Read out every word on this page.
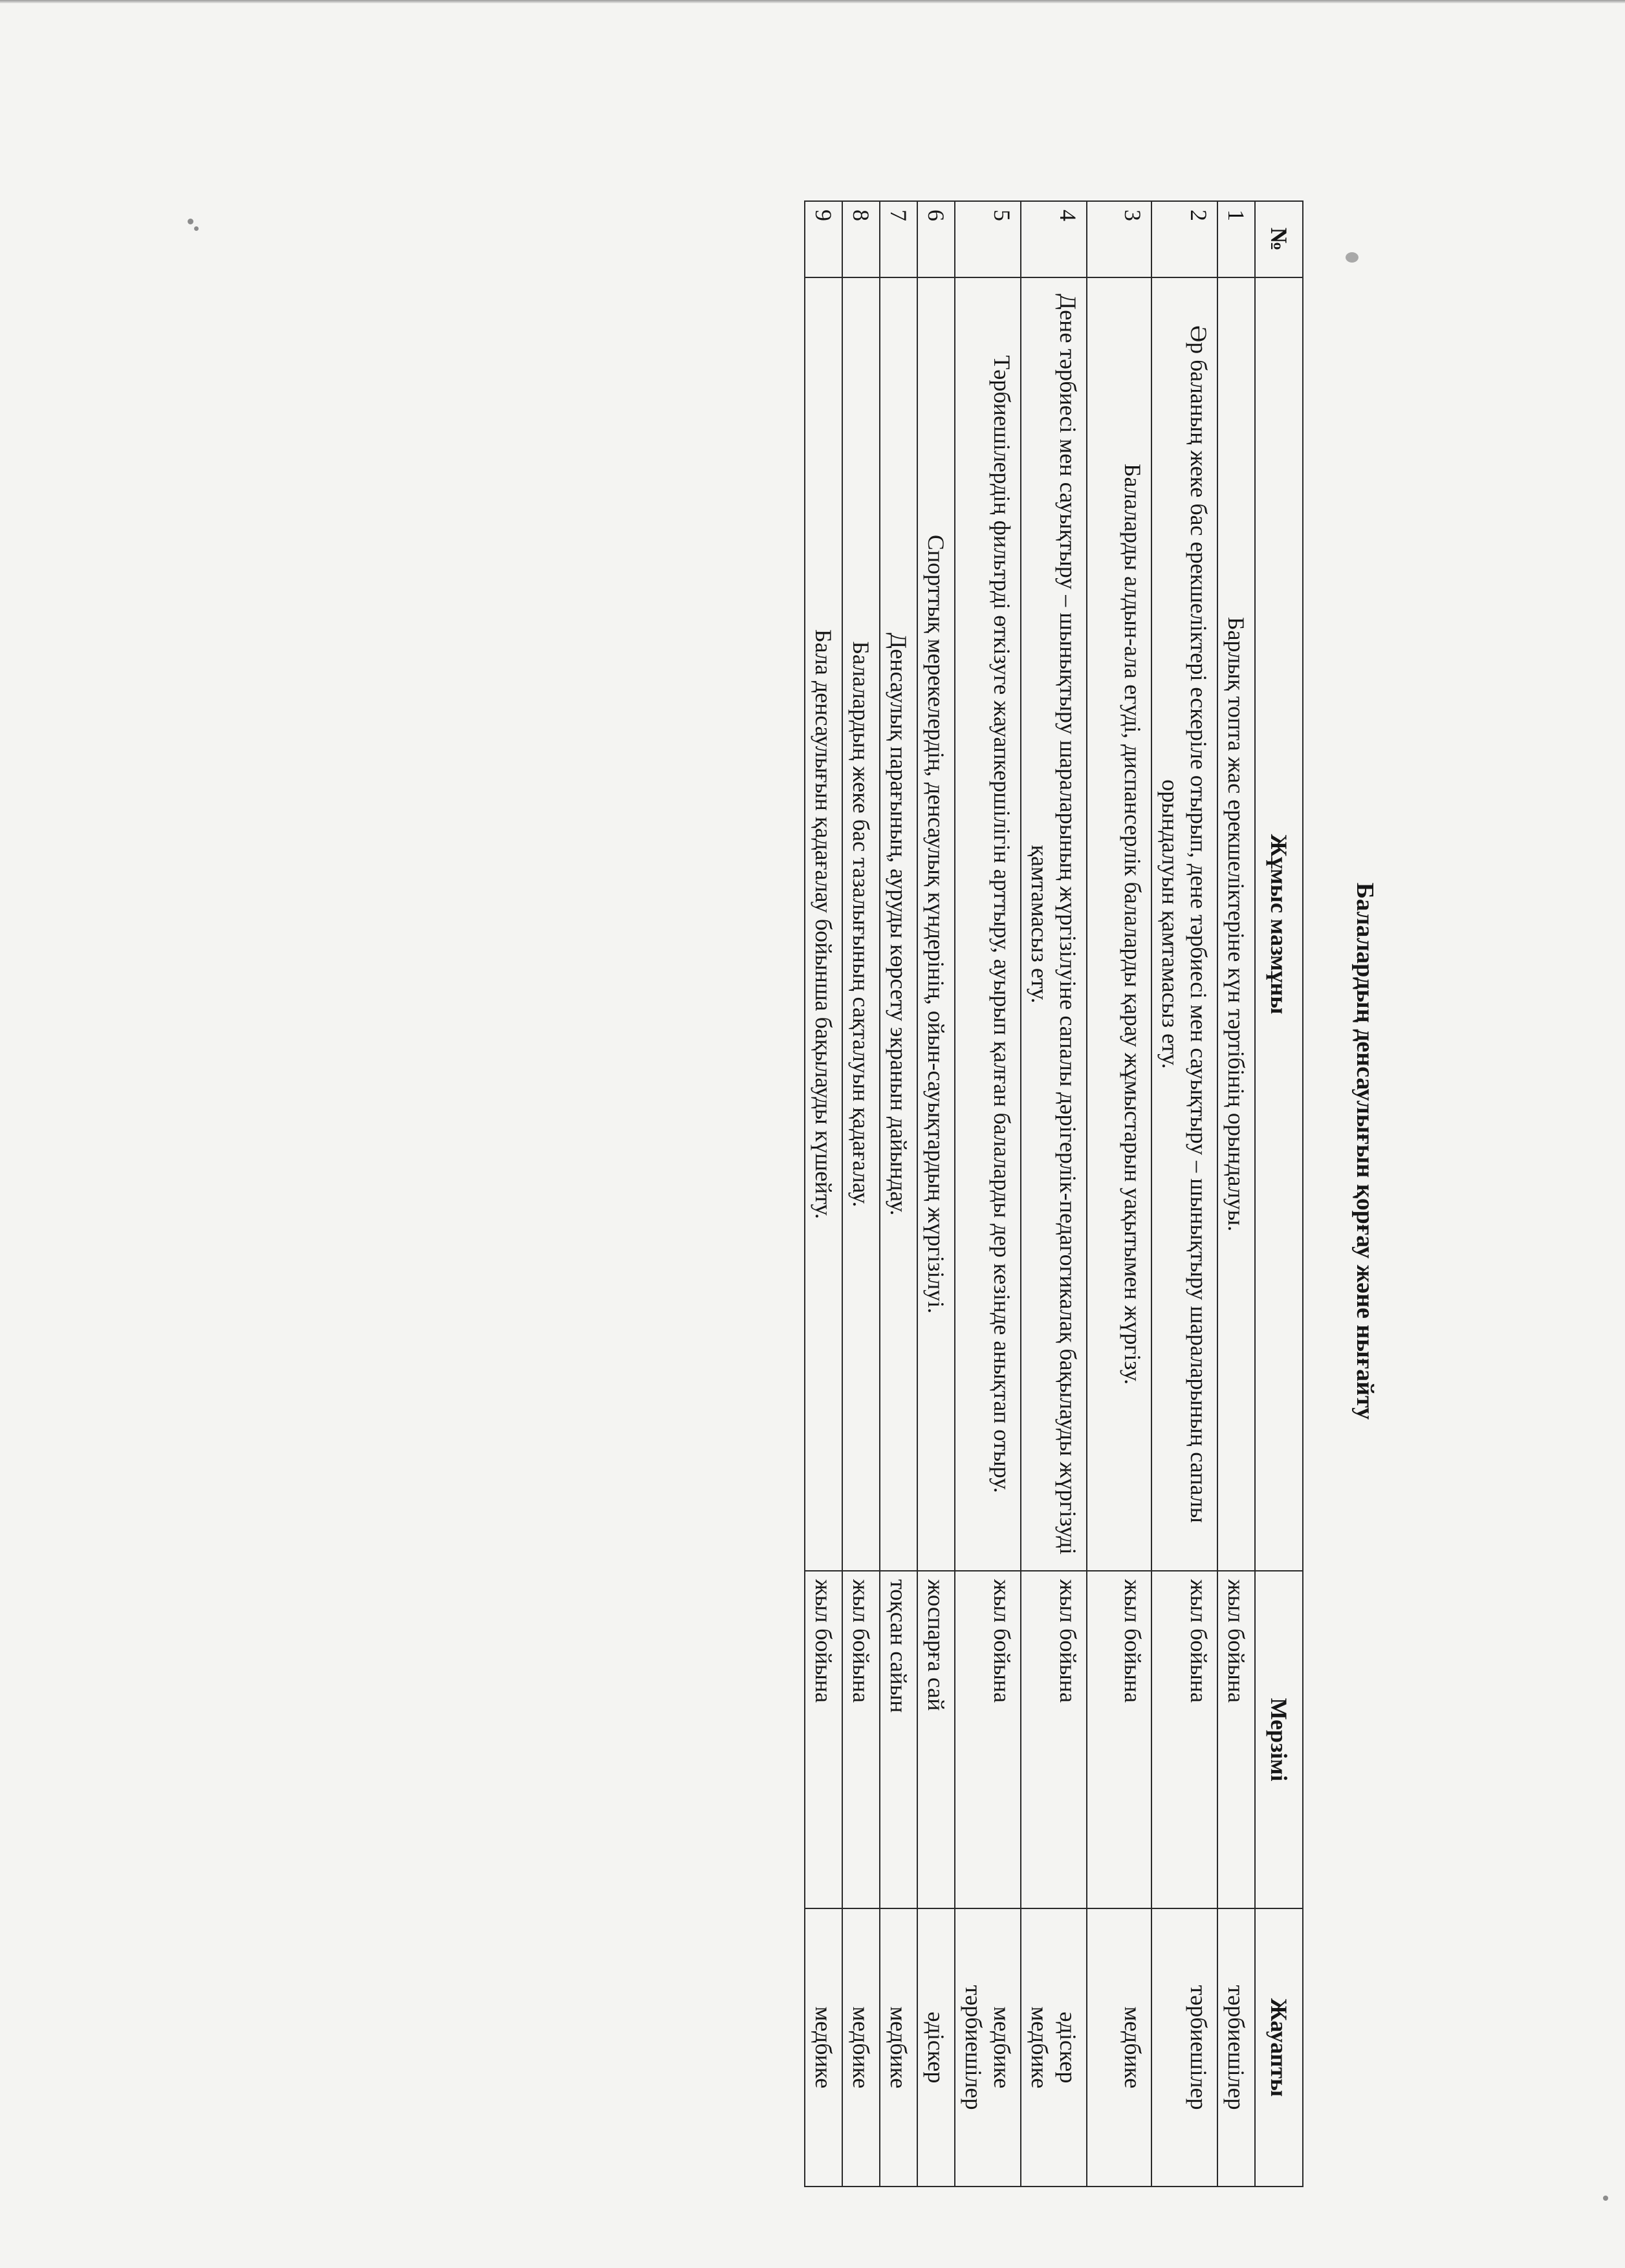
Балалардың денсаулығын қорғау және нығайту
№	Жұмыс мазмұны	Мерзімі	Жауапты
1	Барлық топта жас ерекшеліктеріне күн тәртібінің орындалуы.	жыл бойына	тәрбиешілер

2	Әр баланың жеке бас ерекшеліктері ескеріле отырып, дене тәрбиесі мен сауықтыру – шынықтыру шараларының сапалы орындалуын қамтамасыз ету.	жыл бойына	тәрбиешілер

3	Балаларды алдын-ала егуді, диспансерлік балаларды қарау жұмыстарын уақытымен жүргізу.	жыл бойына	медбике

4	Дене тәрбиесі мен сауықтыру – шынықтыру шараларының жүргізілуіне сапалы дәрігерлік-педагогикалақ бақылауды жүргізуді қамтамасыз ету.	жыл бойына	әдіскер
медбике

5	Тәрбиешілердің фильтрді өткізуге жауапкершілігін арттыру, ауырып қалған балаларды дер кезінде анықтап отыру.	жыл бойына	медбике
тәрбиешілер

6	Спорттық мерекелердің, денсаулық күндерінің, ойын-сауықтардың жүргізілуі.	жоспарға сай	әдіскер

7	Денсаулық парағының, ауруды көрсету экранын дайындау.	тоқсан сайын	медбике

8	Балалардың жеке бас тазалығының сақталуын қадағалау.	жыл бойына	медбике

9	Бала денсаулығын қадағалау бойынша бақылауды күшейту.	жыл бойына	медбике
